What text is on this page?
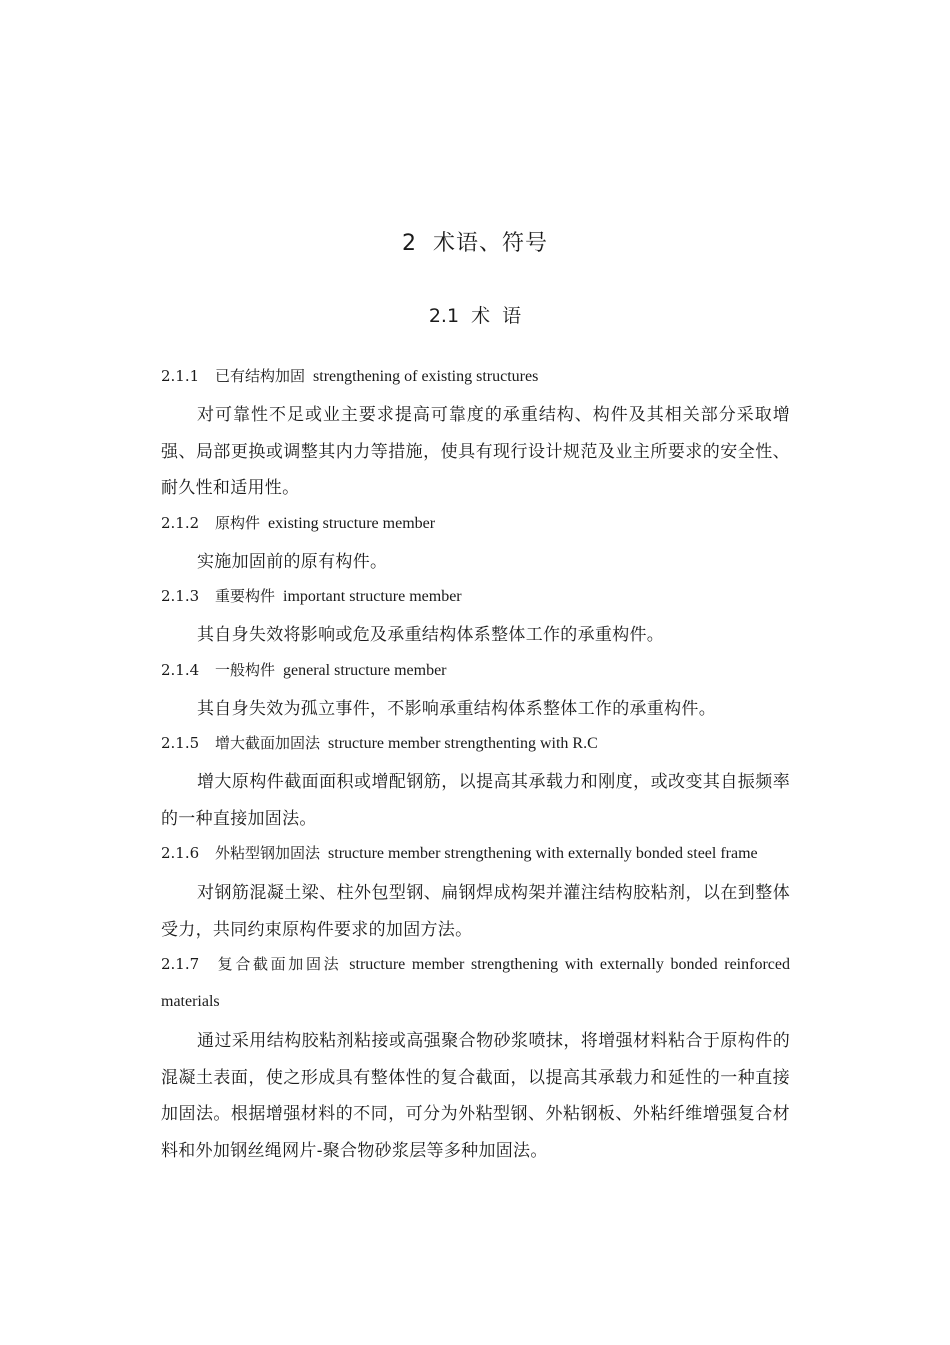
2  术语、符号
2.1  术  语
2.1.1 已有结构加固 strengthening of existing structures

对可靠性不足或业主要求提高可靠度的承重结构、构件及其相关部分采取增强、局部更换或调整其内力等措施，使具有现行设计规范及业主所要求的安全性、耐久性和适用性。

2.1.2 原构件 existing structure member

实施加固前的原有构件。

2.1.3 重要构件 important structure member

其自身失效将影响或危及承重结构体系整体工作的承重构件。

2.1.4 一般构件 general structure member

其自身失效为孤立事件，不影响承重结构体系整体工作的承重构件。

2.1.5 增大截面加固法 structure member strengthenting with R.C

增大原构件截面面积或增配钢筋，以提高其承载力和刚度，或改变其自振频率的一种直接加固法。

2.1.6 外粘型钢加固法 structure member strengthening with externally bonded steel frame

对钢筋混凝土梁、柱外包型钢、扁钢焊成构架并灌注结构胶粘剂，以在到整体受力，共同约束原构件要求的加固方法。

2.1.7 复合截面加固法 structure member strengthening with externally bonded reinforced materials

通过采用结构胶粘剂粘接或高强聚合物砂浆喷抹，将增强材料粘合于原构件的混凝土表面，使之形成具有整体性的复合截面，以提高其承载力和延性的一种直接加固法。根据增强材料的不同，可分为外粘型钢、外粘钢板、外粘纤维增强复合材料和外加钢丝绳网片-聚合物砂浆层等多种加固法。
